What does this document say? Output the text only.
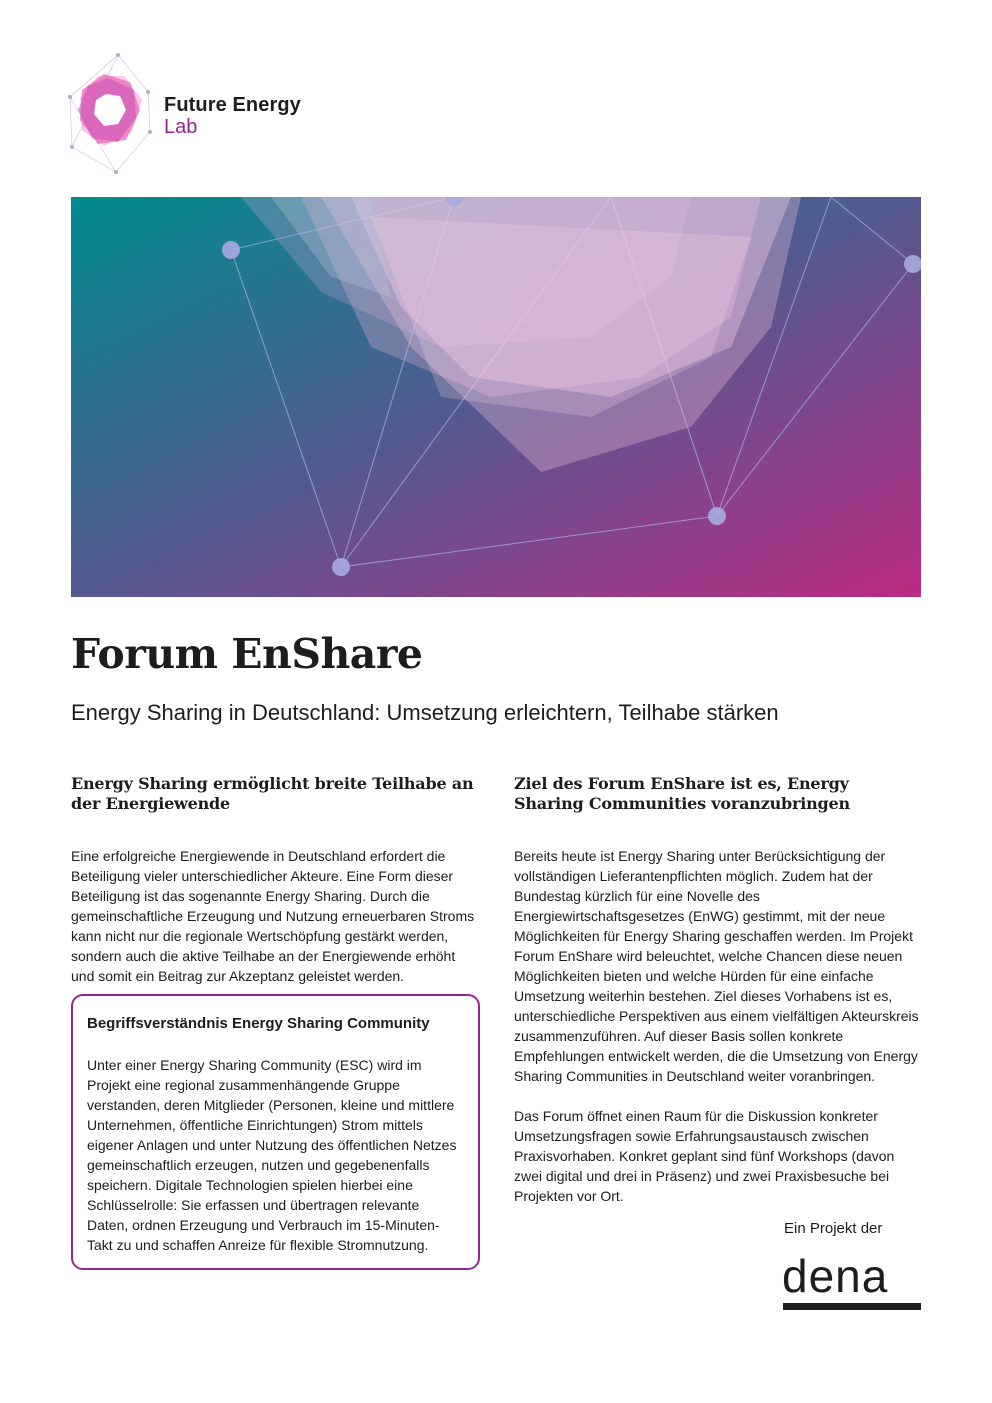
Future Energy
Lab
Forum EnShare

Energy Sharing in Deutschland: Umsetzung erleichtern, Teilhabe stärken

Energy Sharing ermöglicht breite Teilhabe an der Energiewende

Eine erfolgreiche Energiewende in Deutschland erfordert die Beteiligung vieler unterschiedlicher Akteure. Eine Form dieser Beteiligung ist das sogenannte Energy Sharing. Durch die gemeinschaftliche Erzeugung und Nutzung erneuerbaren Stroms kann nicht nur die regionale Wertschöpfung gestärkt werden, sondern auch die aktive Teilhabe an der Energiewende erhöht und somit ein Beitrag zur Akzeptanz geleistet werden.

Begriffsverständnis Energy Sharing Community

Unter einer Energy Sharing Community (ESC) wird im Projekt eine regional zusammenhängende Gruppe verstanden, deren Mitglieder (Personen, kleine und mittlere Unternehmen, öffentliche Einrichtungen) Strom mittels eigener Anlagen und unter Nutzung des öffentlichen Netzes gemeinschaftlich erzeugen, nutzen und gegebenenfalls speichern. Digitale Technologien spielen hierbei eine Schlüsselrolle: Sie erfassen und übertragen relevante Daten, ordnen Erzeugung und Verbrauch im 15-Minuten-Takt zu und schaffen Anreize für flexible Stromnutzung.

Ziel des Forum EnShare ist es, Energy Sharing Communities voranzubringen

Bereits heute ist Energy Sharing unter Berücksichtigung der vollständigen Lieferantenpflichten möglich. Zudem hat der Bundestag kürzlich für eine Novelle des Energiewirtschaftsgesetzes (EnWG) gestimmt, mit der neue Möglichkeiten für Energy Sharing geschaffen werden. Im Projekt Forum EnShare wird beleuchtet, welche Chancen diese neuen Möglichkeiten bieten und welche Hürden für eine einfache Umsetzung weiterhin bestehen. Ziel dieses Vorhabens ist es, unterschiedliche Perspektiven aus einem vielfältigen Akteurskreis zusammenzuführen. Auf dieser Basis sollen konkrete Empfehlungen entwickelt werden, die die Umsetzung von Energy Sharing Communities in Deutschland weiter voranbringen.

Das Forum öffnet einen Raum für die Diskussion konkreter Umsetzungsfragen sowie Erfahrungsaustausch zwischen Praxisvorhaben. Konkret geplant sind fünf Workshops (davon zwei digital und drei in Präsenz) und zwei Praxisbesuche bei Projekten vor Ort.

Ein Projekt der
dena
